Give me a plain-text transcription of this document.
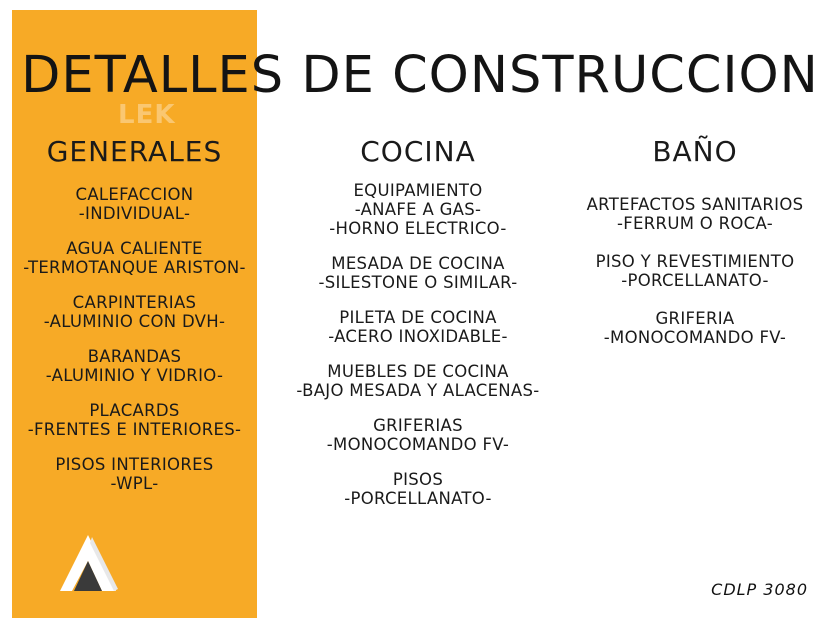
LEK
DETALLES DE CONSTRUCCION
GENERALES
CALEFACCION
-INDIVIDUAL-
AGUA CALIENTE
-TERMOTANQUE ARISTON-
CARPINTERIAS
-ALUMINIO CON DVH-
BARANDAS
-ALUMINIO Y VIDRIO-
PLACARDS
-FRENTES E INTERIORES-
PISOS INTERIORES
-WPL-
COCINA
EQUIPAMIENTO
-ANAFE A GAS-
-HORNO ELECTRICO-
MESADA DE COCINA
-SILESTONE O SIMILAR-
PILETA DE COCINA
-ACERO INOXIDABLE-
MUEBLES DE COCINA
-BAJO MESADA Y ALACENAS-
GRIFERIAS
-MONOCOMANDO FV-
PISOS
-PORCELLANATO-
BAÑO
ARTEFACTOS SANITARIOS
-FERRUM O ROCA-
PISO Y REVESTIMIENTO
-PORCELLANATO-
GRIFERIA
-MONOCOMANDO FV-
CDLP 3080
